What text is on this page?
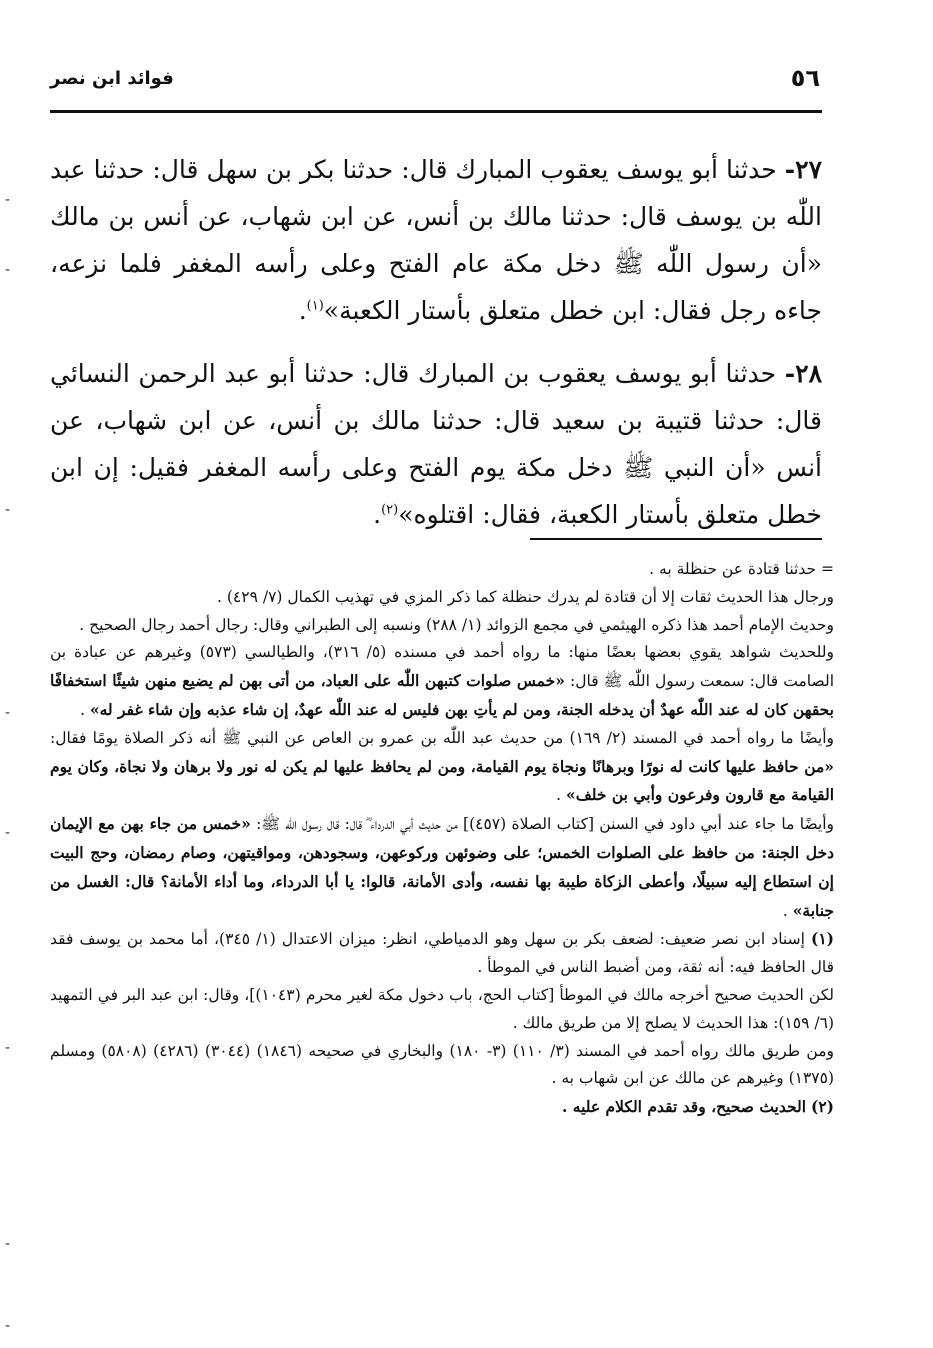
٥٦
فوائد ابن نصر

٢٧- حدثنا أبو يوسف يعقوب المبارك قال: حدثنا بكر بن سهل قال: حدثنا عبد اللّٰه بن يوسف قال: حدثنا مالك بن أنس، عن ابن شهاب، عن أنس بن مالك «أن رسول اللّٰه ﷺ دخل مكة عام الفتح وعلى رأسه المغفر فلما نزعه، جاءه رجل فقال: ابن خطل متعلق بأستار الكعبة»$^{(١)}$.

٢٨- حدثنا أبو يوسف يعقوب بن المبارك قال: حدثنا أبو عبد الرحمن النسائي قال: حدثنا قتيبة بن سعيد قال: حدثنا مالك بن أنس، عن ابن شهاب، عن أنس «أن النبي ﷺ دخل مكة يوم الفتح وعلى رأسه المغفر فقيل: إن ابن خطل متعلق بأستار الكعبة، فقال: اقتلوه»$^{(٢)}$.

= حدثنا قتادة عن حنظلة به .

ورجال هذا الحديث ثقات إلا أن قتادة لم يدرك حنظلة كما ذكر المزي في تهذيب الكمال (٧/ ٤٢٩) .

وحديث الإمام أحمد هذا ذكره الهيثمي في مجمع الزوائد (١/ ٢٨٨) ونسبه إلى الطبراني وقال: رجال أحمد رجال الصحيح .

وللحديث شواهد يقوي بعضها بعضًا منها: ما رواه أحمد في مسنده (٥/ ٣١٦)، والطيالسي (٥٧٣) وغيرهم عن عبادة بن الصامت قال: سمعت رسول اللّٰه ﷺ قال: «خمس صلوات كتبهن اللّٰه على العباد، من أتى بهن لم يضيع منهن شيئًا استخفافًا بحقهن كان له عند اللّٰه عهدٌ أن يدخله الجنة، ومن لم يأتِ بهن فليس له عند اللّٰه عهدٌ، إن شاء عذبه وإن شاء غفر له» .

وأيضًا ما رواه أحمد في المسند (٢/ ١٦٩) من حديث عبد اللّٰه بن عمرو بن العاص عن النبي ﷺ أنه ذكر الصلاة يومًا فقال: «من حافظ عليها كانت له نورًا وبرهانًا ونجاة يوم القيامة، ومن لم يحافظ عليها لم يكن له نور ولا برهان ولا نجاة، وكان يوم القيامة مع قارون وفرعون وأبي بن خلف» .

وأيضًا ما جاء عند أبي داود في السنن [كتاب الصلاة (٤٥٧)] من حديث أبي الدرداء ؓ قال: قال رسول اللّٰه ﷺ: «خمس من جاء بهن مع الإيمان دخل الجنة: من حافظ على الصلوات الخمس؛ على وضوئهن وركوعهن، وسجودهن، ومواقيتهن، وصام رمضان، وحج البيت إن استطاع إليه سبيلًا، وأعطى الزكاة طيبة بها نفسه، وأدى الأمانة، قالوا: يا أبا الدرداء، وما أداء الأمانة؟ قال: الغسل من جنابة» .

(١) إسناد ابن نصر ضعيف: لضعف بكر بن سهل وهو الدمياطي، انظر: ميزان الاعتدال (١/ ٣٤٥)، أما محمد بن يوسف فقد قال الحافظ فيه: أنه ثقة، ومن أضبط الناس في الموطأ .

لكن الحديث صحيح أخرجه مالك في الموطأ [كتاب الحج، باب دخول مكة لغير محرم (١٠٤٣)]، وقال: ابن عبد البر في التمهيد (٦/ ١٥٩): هذا الحديث لا يصلح إلا من طريق مالك .

ومن طريق مالك رواه أحمد في المسند (٣/ ١١٠) (٣- ١٨٠) والبخاري في صحيحه (١٨٤٦) (٣٠٤٤) (٤٢٨٦) (٥٨٠٨) ومسلم (١٣٧٥) وغيرهم عن مالك عن ابن شهاب به .

(٢) الحديث صحيح، وقد تقدم الكلام عليه .

-
-
-
-
-
-
-
-
